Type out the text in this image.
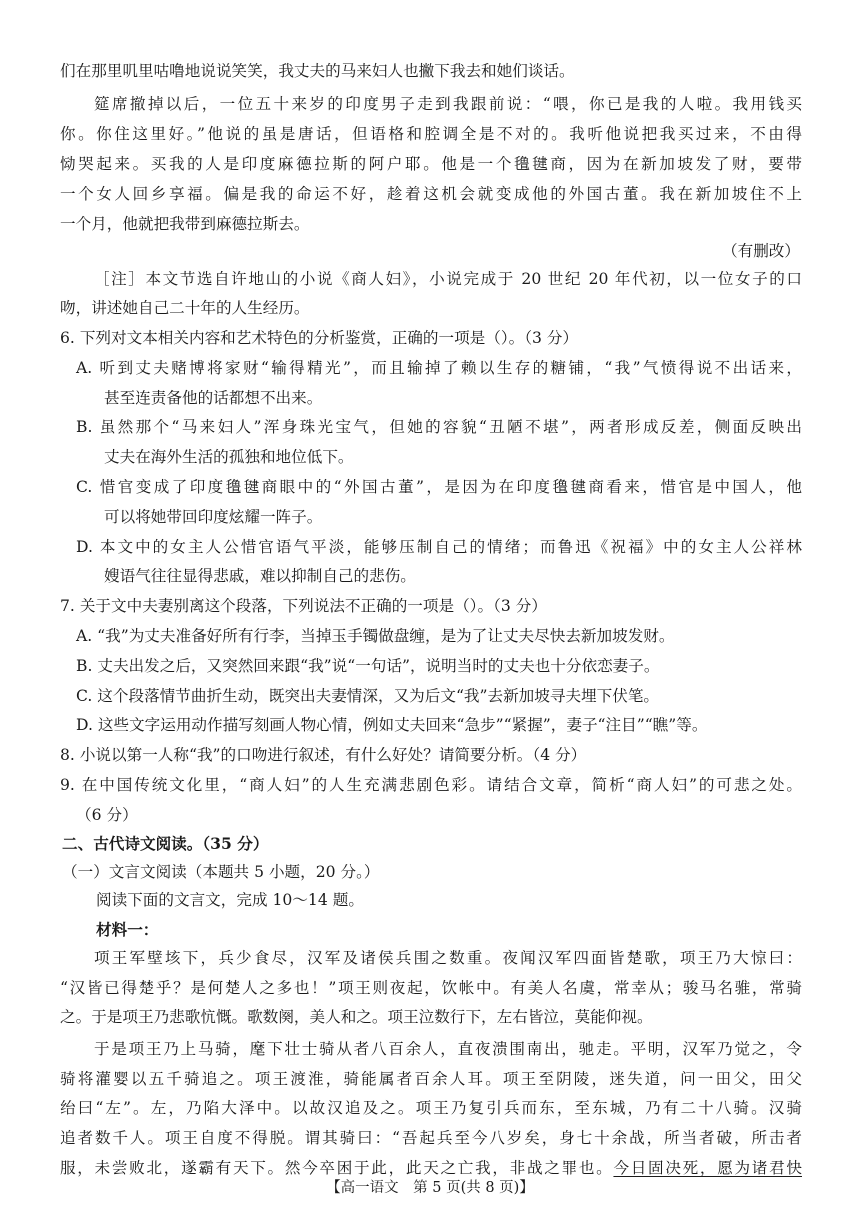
们在那里叽里咕噜地说说笑笑，我丈夫的马来妇人也撇下我去和她们谈话。
筵席撤掉以后，一位五十来岁的印度男子走到我跟前说：“喂，你已是我的人啦。我用钱买
你。你住这里好。”他说的虽是唐话，但语格和腔调全是不对的。我听他说把我买过来，不由得
恸哭起来。买我的人是印度麻德拉斯的阿户耶。他是一个氇毽商，因为在新加坡发了财，要带
一个女人回乡享福。偏是我的命运不好，趁着这机会就变成他的外国古董。我在新加坡住不上
一个月，他就把我带到麻德拉斯去。
（有删改）
［注］本文节选自许地山的小说《商人妇》，小说完成于 20 世纪 20 年代初，以一位女子的口
吻，讲述她自己二十年的人生经历。
6. 下列对文本相关内容和艺术特色的分析鉴赏，正确的一项是（）。（3 分）
A. 听到丈夫赌博将家财“输得精光”，而且输掉了赖以生存的糖铺，“我”气愤得说不出话来，
甚至连责备他的话都想不出来。
B. 虽然那个“马来妇人”浑身珠光宝气，但她的容貌“丑陋不堪”，两者形成反差，侧面反映出
丈夫在海外生活的孤独和地位低下。
C. 惜官变成了印度氇毽商眼中的“外国古董”，是因为在印度氇毽商看来，惜官是中国人，他
可以将她带回印度炫耀一阵子。
D. 本文中的女主人公惜官语气平淡，能够压制自己的情绪；而鲁迅《祝福》中的女主人公祥林
嫂语气往往显得悲戚，难以抑制自己的悲伤。
7. 关于文中夫妻别离这个段落，下列说法不正确的一项是（）。（3 分）
A. “我”为丈夫准备好所有行李，当掉玉手镯做盘缠，是为了让丈夫尽快去新加坡发财。
B. 丈夫出发之后，又突然回来跟“我”说“一句话”，说明当时的丈夫也十分依恋妻子。
C. 这个段落情节曲折生动，既突出夫妻情深，又为后文“我”去新加坡寻夫埋下伏笔。
D. 这些文字运用动作描写刻画人物心情，例如丈夫回来“急步”“紧握”，妻子“注目”“瞧”等。
8. 小说以第一人称“我”的口吻进行叙述，有什么好处？请简要分析。（4 分）
9. 在中国传统文化里，“商人妇”的人生充满悲剧色彩。请结合文章，简析“商人妇”的可悲之处。
（6 分）
二、古代诗文阅读。（35 分）
（一）文言文阅读（本题共 5 小题，20 分。）
阅读下面的文言文，完成 10～14 题。
材料一：
项王军壁垓下，兵少食尽，汉军及诸侯兵围之数重。夜闻汉军四面皆楚歌，项王乃大惊曰：
“汉皆已得楚乎？是何楚人之多也！”项王则夜起，饮帐中。有美人名虞，常幸从；骏马名骓，常骑
之。于是项王乃悲歌忼慨。歌数阕，美人和之。项王泣数行下，左右皆泣，莫能仰视。
于是项王乃上马骑，麾下壮士骑从者八百余人，直夜溃围南出，驰走。平明，汉军乃觉之，令
骑将灌婴以五千骑追之。项王渡淮，骑能属者百余人耳。项王至阴陵，迷失道，问一田父，田父
绐曰“左”。左，乃陷大泽中。以故汉追及之。项王乃复引兵而东，至东城，乃有二十八骑。汉骑
追者数千人。项王自度不得脱。谓其骑曰：“吾起兵至今八岁矣，身七十余战，所当者破，所击者
服，未尝败北，遂霸有天下。然今卒困于此，此天之亡我，非战之罪也。今日固决死，愿为诸君快
【高一语文　第 5 页(共 8 页)】
